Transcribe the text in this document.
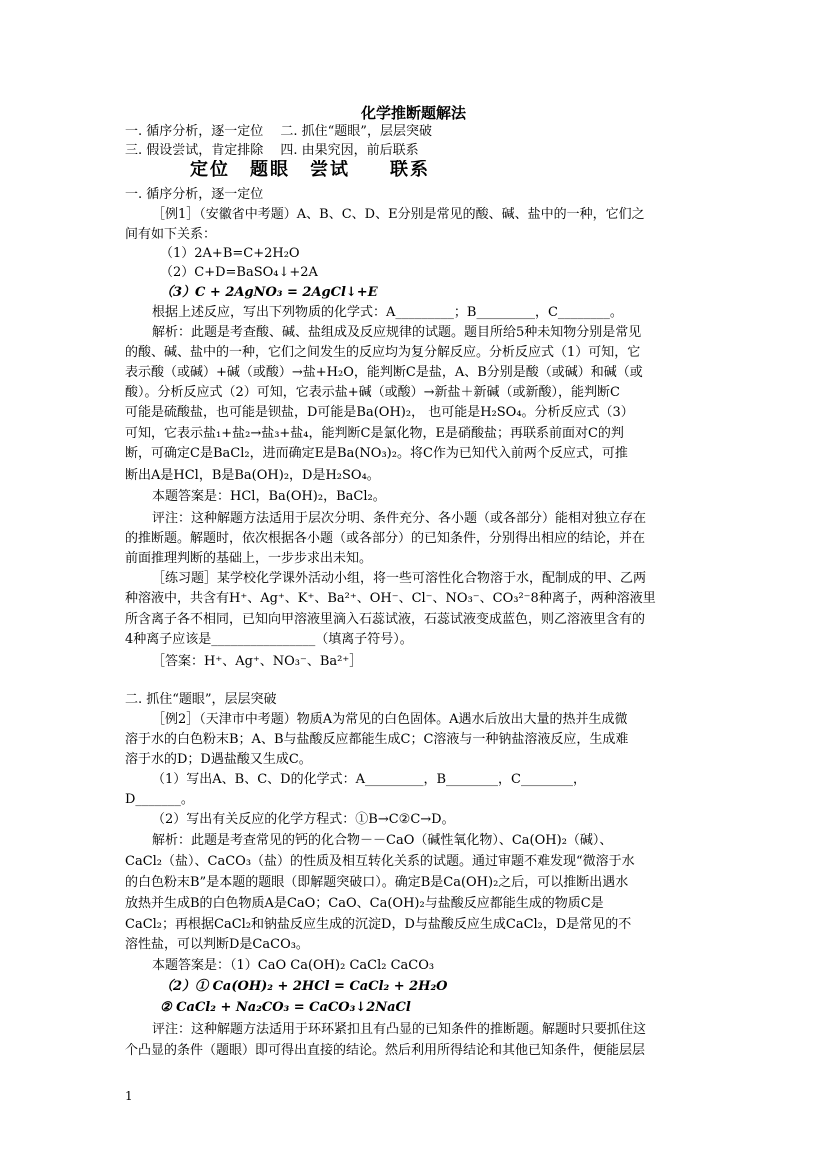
化学推断题解法
一. 循序分析，逐一定位　 二. 抓住“题眼”，层层突破
三. 假设尝试，肯定排除　 四. 由果究因，前后联系
定位　题眼　尝试　　联系
一. 循序分析，逐一定位
［例1］（安徽省中考题）A、B、C、D、E分别是常见的酸、碱、盐中的一种，它们之
间有如下关系：
（1）2A+B=C+2H₂O
（2）C+D=BaSO₄↓+2A
（3）C + 2AgNO₃ = 2AgCl↓+E
根据上述反应，写出下列物质的化学式：A_________；B_________，C________。
解析：此题是考查酸、碱、盐组成及反应规律的试题。题目所给5种未知物分别是常见
的酸、碱、盐中的一种，它们之间发生的反应均为复分解反应。分析反应式（1）可知，它
表示酸（或碱）+碱（或酸）→盐+H₂O，能判断C是盐，A、B分别是酸（或碱）和碱（或
酸）。分析反应式（2）可知，它表示盐+碱（或酸）→新盐＋新碱（或新酸），能判断C
可能是硫酸盐，也可能是钡盐，D可能是Ba(OH)₂， 也可能是H₂SO₄。分析反应式（3）
可知，它表示盐₁+盐₂→盐₃+盐₄，能判断C是氯化物，E是硝酸盐；再联系前面对C的判
断，可确定C是BaCl₂，进而确定E是Ba(NO₃)₂。将C作为已知代入前两个反应式，可推
断出A是HCl，B是Ba(OH)₂，D是H₂SO₄。
本题答案是：HCl，Ba(OH)₂，BaCl₂。
评注：这种解题方法适用于层次分明、条件充分、各小题（或各部分）能相对独立存在
的推断题。解题时，依次根据各小题（或各部分）的已知条件，分别得出相应的结论，并在
前面推理判断的基础上，一步步求出未知。
［练习题］某学校化学课外活动小组，将一些可溶性化合物溶于水，配制成的甲、乙两
种溶液中，共含有H⁺、Ag⁺、K⁺、Ba²⁺、OH⁻、Cl⁻、NO₃⁻、CO₃²⁻8种离子，两种溶液里
所含离子各不相同，已知向甲溶液里滴入石蕊试液，石蕊试液变成蓝色，则乙溶液里含有的
4种离子应该是________________（填离子符号）。
［答案：H⁺、Ag⁺、NO₃⁻、Ba²⁺］
二. 抓住“题眼”，层层突破
［例2］（天津市中考题）物质A为常见的白色固体。A遇水后放出大量的热并生成微
溶于水的白色粉末B；A、B与盐酸反应都能生成C；C溶液与一种钠盐溶液反应，生成难
溶于水的D；D遇盐酸又生成C。
（1）写出A、B、C、D的化学式：A_________，B________，C________，
D_______。
（2）写出有关反应的化学方程式：①B→C②C→D。
解析：此题是考查常见的钙的化合物－－CaO（碱性氧化物）、Ca(OH)₂（碱）、
CaCl₂（盐）、CaCO₃（盐）的性质及相互转化关系的试题。通过审题不难发现“微溶于水
的白色粉末B”是本题的题眼（即解题突破口）。确定B是Ca(OH)₂之后，可以推断出遇水
放热并生成B的白色物质A是CaO；CaO、Ca(OH)₂与盐酸反应都能生成的物质C是
CaCl₂；再根据CaCl₂和钠盐反应生成的沉淀D，D与盐酸反应生成CaCl₂，D是常见的不
溶性盐，可以判断D是CaCO₃。
本题答案是：（1）CaO Ca(OH)₂ CaCl₂ CaCO₃
（2）① Ca(OH)₂ + 2HCl = CaCl₂ + 2H₂O
② CaCl₂ + Na₂CO₃ = CaCO₃↓2NaCl
评注：这种解题方法适用于环环紧扣且有凸显的已知条件的推断题。解题时只要抓住这
个凸显的条件（题眼）即可得出直接的结论。然后利用所得结论和其他已知条件，便能层层
1
